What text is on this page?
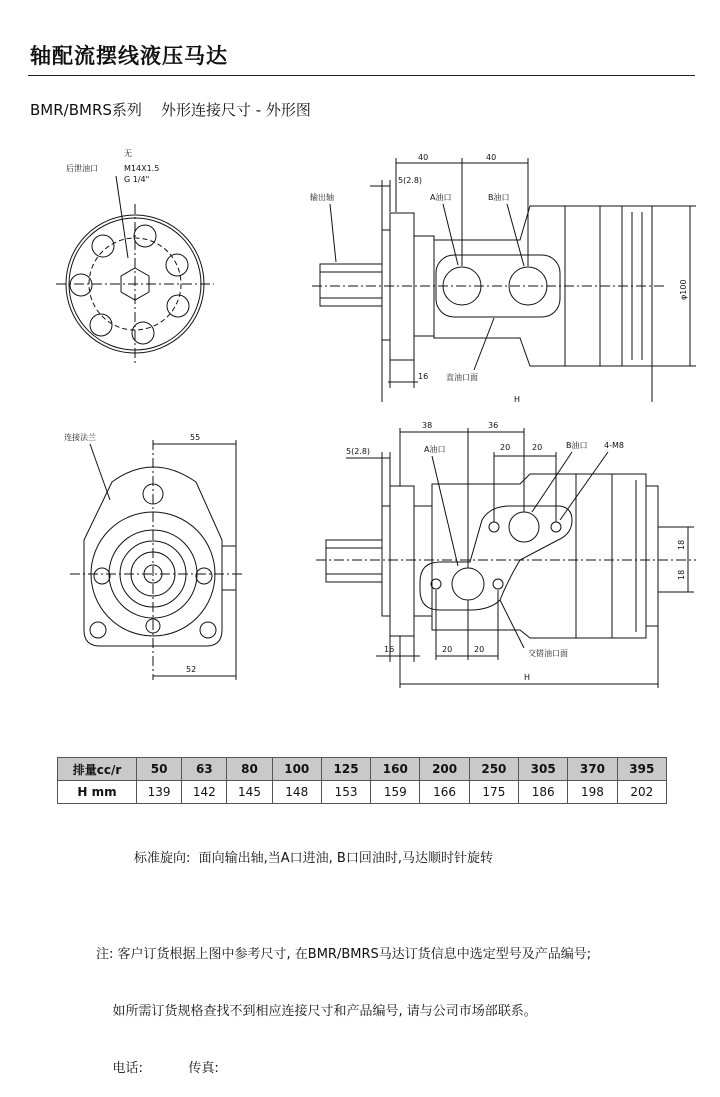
轴配流摆线液压马达
BMR/BMRS系列    外形连接尺寸 - 外形图
无
M14X1.5
G 1/4"
后泄油口
输出轴	A油口	B油口
直油口面
40	40
5(2.8)
16
φ100
H
连接法兰	55
52
38	36
5(2.8)	A油口	B油口 4-M8
20	20
20	20
18
18
16	交错油口面
H
排量cc/r	50	63	80	100	125	160	200	250	305	370	395
H mm	139	142	145	148	153	159	166	175	186	198	202
标准旋向:  面向输出轴,当A口进油, B口回油时,马达顺时针旋转

注: 客户订货根据上图中参考尺寸, 在BMR/BMRS马达订货信息中选定型号及产品编号;

如所需订货规格查找不到相应连接尺寸和产品编号, 请与公司市场部联系。

电话:           传真:
